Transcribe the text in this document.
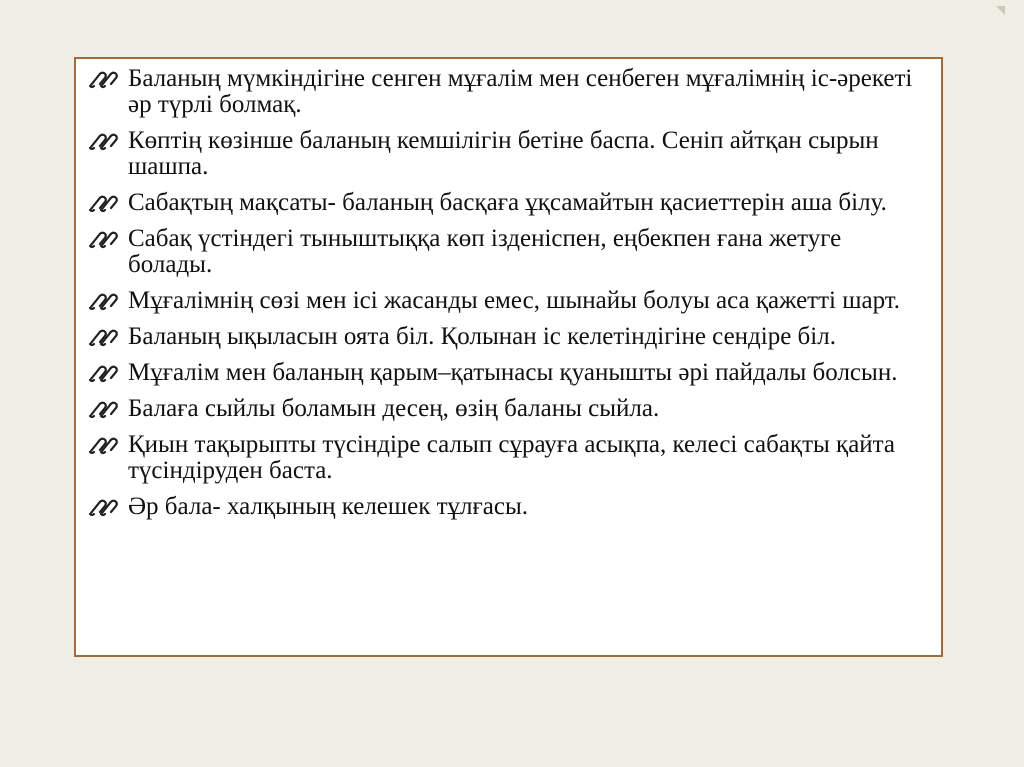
Баланың мүмкіндігіне сенген мұғалім мен сенбеген мұғалімнің іс-әрекеті әр түрлі болмақ.
Көптің көзінше баланың кемшілігін бетіне баспа. Сеніп айтқан сырын шашпа.
Сабақтың мақсаты- баланың басқаға ұқсамайтын қасиеттерін аша білу.
Сабақ үстіндегі тыныштыққа көп ізденіспен, еңбекпен ғана жетуге болады.
Мұғалімнің сөзі мен ісі жасанды емес, шынайы болуы аса қажетті шарт.
Баланың ықыласын оята біл. Қолынан іс келетіндігіне сендіре біл.
Мұғалім мен баланың қарым–қатынасы қуанышты әрі пайдалы болсын.
Балаға сыйлы боламын десең, өзің баланы сыйла.
Қиын тақырыпты түсіндіре салып сұрауға асықпа, келесі сабақты қайта түсіндіруден баста.
Әр бала- халқының келешек тұлғасы.
